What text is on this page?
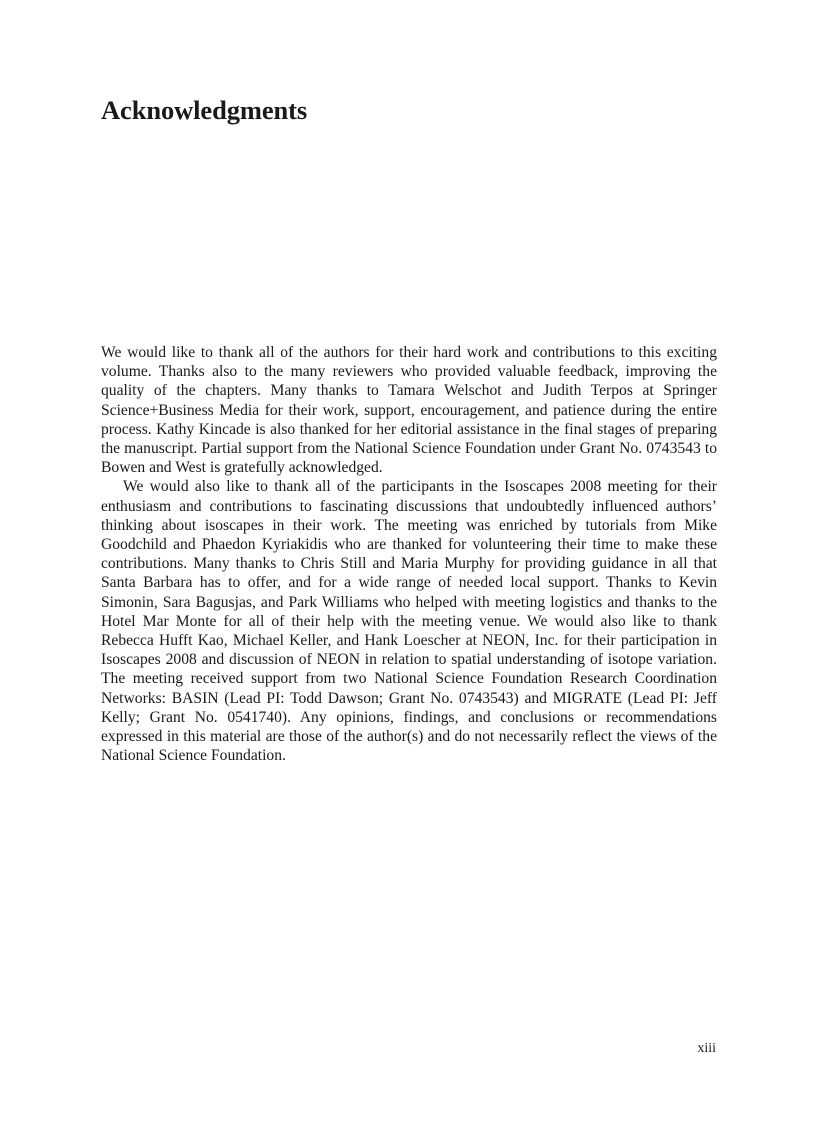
Acknowledgments

We would like to thank all of the authors for their hard work and contributions to this exciting volume. Thanks also to the many reviewers who provided valuable feedback, improving the quality of the chapters. Many thanks to Tamara Welschot and Judith Terpos at Springer Science+Business Media for their work, support, encouragement, and patience during the entire process. Kathy Kincade is also thanked for her editorial assistance in the final stages of preparing the manuscript. Partial support from the National Science Foundation under Grant No. 0743543 to Bowen and West is gratefully acknowledged.

We would also like to thank all of the participants in the Isoscapes 2008 meeting for their enthusiasm and contributions to fascinating discussions that undoubtedly influenced authors’ thinking about isoscapes in their work. The meeting was enriched by tutorials from Mike Goodchild and Phaedon Kyriakidis who are thanked for volunteering their time to make these contributions. Many thanks to Chris Still and Maria Murphy for providing guidance in all that Santa Barbara has to offer, and for a wide range of needed local support. Thanks to Kevin Simonin, Sara Bagusjas, and Park Williams who helped with meeting logistics and thanks to the Hotel Mar Monte for all of their help with the meeting venue. We would also like to thank Rebecca Hufft Kao, Michael Keller, and Hank Loescher at NEON, Inc. for their participation in Isoscapes 2008 and discussion of NEON in relation to spatial understanding of isotope variation. The meeting received support from two National Science Foundation Research Coordination Networks: BASIN (Lead PI: Todd Dawson; Grant No. 0743543) and MIGRATE (Lead PI: Jeff Kelly; Grant No. 0541740). Any opinions, findings, and conclusions or recommendations expressed in this material are those of the author(s) and do not necessarily reflect the views of the National Science Foundation.

xiii
